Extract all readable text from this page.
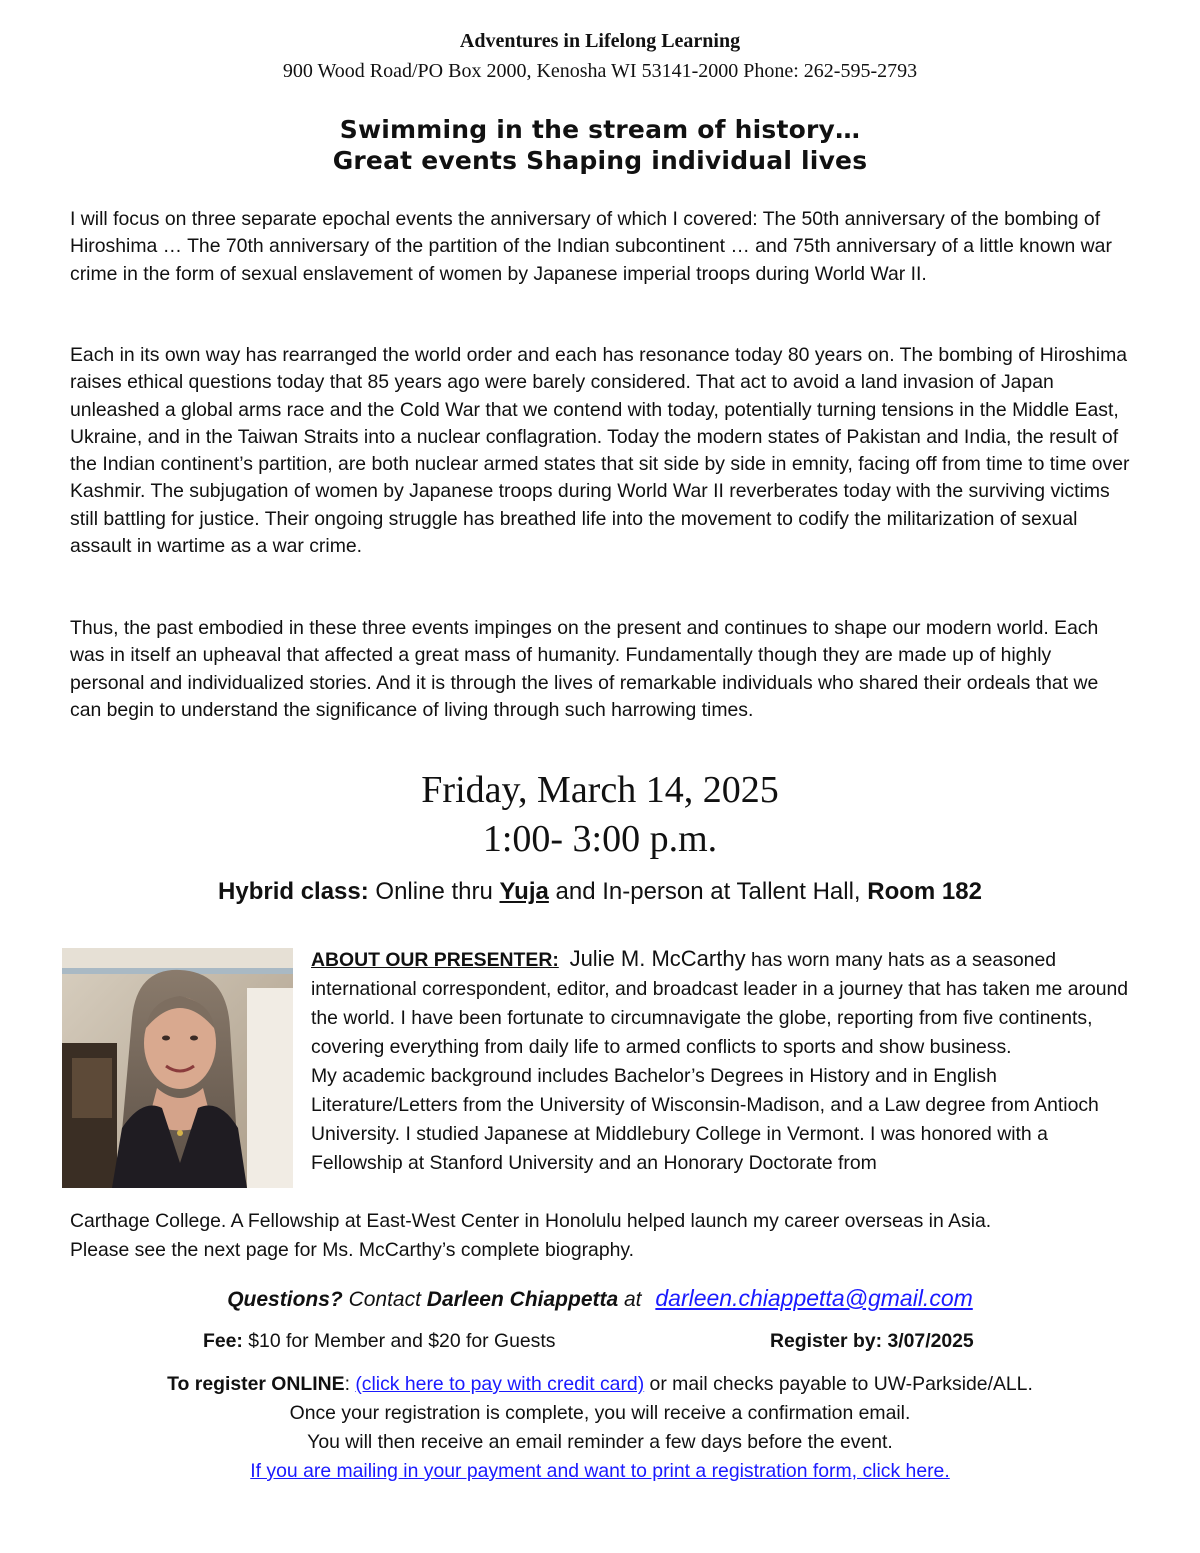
Adventures in Lifelong Learning
900 Wood Road/PO Box 2000, Kenosha WI 53141-2000 Phone: 262-595-2793
Swimming in the stream of history…
Great events Shaping individual lives
I will focus on three separate epochal events the anniversary of which I covered: The 50th anniversary of the bombing of Hiroshima … The 70th anniversary of the partition of the Indian subcontinent … and 75th anniversary of a little known war crime in the form of sexual enslavement of women by Japanese imperial troops during World War II.
Each in its own way has rearranged the world order and each has resonance today 80 years on. The bombing of Hiroshima raises ethical questions today that 85 years ago were barely considered. That act to avoid a land invasion of Japan unleashed a global arms race and the Cold War that we contend with today, potentially turning tensions in the Middle East, Ukraine, and in the Taiwan Straits into a nuclear conflagration. Today the modern states of Pakistan and India, the result of the Indian continent’s partition, are both nuclear armed states that sit side by side in emnity, facing off from time to time over Kashmir. The subjugation of women by Japanese troops during World War II reverberates today with the surviving victims still battling for justice. Their ongoing struggle has breathed life into the movement to codify the militarization of sexual assault in wartime as a war crime.
Thus, the past embodied in these three events impinges on the present and continues to shape our modern world. Each was in itself an upheaval that affected a great mass of humanity. Fundamentally though they are made up of highly personal and individualized stories. And it is through the lives of remarkable individuals who shared their ordeals that we can begin to understand the significance of living through such harrowing times.
Friday, March 14, 2025
1:00- 3:00 p.m.
Hybrid class: Online thru Yuja and In-person at Tallent Hall, Room 182
ABOUT OUR PRESENTER: Julie M. McCarthy has worn many hats as a seasoned international correspondent, editor, and broadcast leader in a journey that has taken me around the world. I have been fortunate to circumnavigate the globe, reporting from five continents, covering everything from daily life to armed conflicts to sports and show business.
My academic background includes Bachelor’s Degrees in History and in English Literature/Letters from the University of Wisconsin-Madison, and a Law degree from Antioch University. I studied Japanese at Middlebury College in Vermont. I was honored with a Fellowship at Stanford University and an Honorary Doctorate from
Carthage College. A Fellowship at East-West Center in Honolulu helped launch my career overseas in Asia.
Please see the next page for Ms. McCarthy’s complete biography.
Questions? Contact Darleen Chiappetta at darleen.chiappetta@gmail.com
Fee: $10 for Member and $20 for Guests	Register by: 3/07/2025
To register ONLINE: (click here to pay with credit card) or mail checks payable to UW-Parkside/ALL.
Once your registration is complete, you will receive a confirmation email.
You will then receive an email reminder a few days before the event.
If you are mailing in your payment and want to print a registration form, click here.
